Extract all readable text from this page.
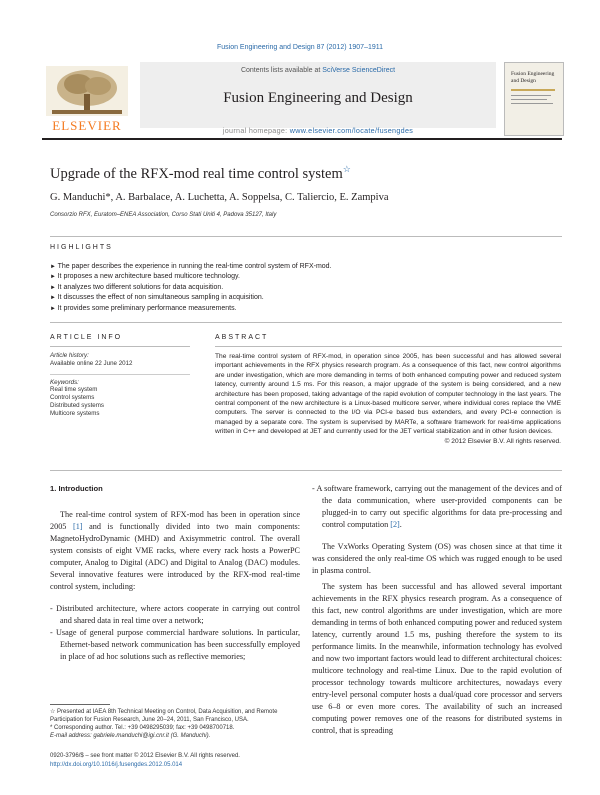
Fusion Engineering and Design 87 (2012) 1907–1911
ELSEVIER
Contents lists available at SciVerse ScienceDirect
Fusion Engineering and Design
journal homepage: www.elsevier.com/locate/fusengdes
Fusion Engineering
and Design
Upgrade of the RFX-mod real time control system☆
G. Manduchi*, A. Barbalace, A. Luchetta, A. Soppelsa, C. Taliercio, E. Zampiva
Consorzio RFX, Euratom–ENEA Association, Corso Stati Uniti 4, Padova 35127, Italy
HIGHLIGHTS
► The paper describes the experience in running the real-time control system of RFX-mod.
► It proposes a new architecture based multicore technology.
► It analyzes two different solutions for data acquisition.
► It discusses the effect of non simultaneous sampling in acquisition.
► It provides some preliminary performance measurements.
ARTICLE INFO
Article history:
Available online 22 June 2012
Keywords:
Real time system
Control systems
Distributed systems
Multicore systems
ABSTRACT
The real-time control system of RFX-mod, in operation since 2005, has been successful and has allowed several important achievements in the RFX physics research program. As a consequence of this fact, new control algorithms are under investigation, which are more demanding in terms of both enhanced computing power and reduced system latency, currently around 1.5 ms. For this reason, a major upgrade of the system is being considered, and a new architecture has been proposed, taking advantage of the rapid evolution of computer technology in the last years. The central component of the new architecture is a Linux-based multicore server, where individual cores replace the VME computers. The server is connected to the I/O via PCI-e based bus extenders, and every PCI-e connection is managed by a separate core. The system is supervised by MARTe, a software framework for real-time applications written in C++ and developed at JET and currently used for the JET vertical stabilization and in other fusion devices.
© 2012 Elsevier B.V. All rights reserved.
1. Introduction

The real-time control system of RFX-mod has been in operation since 2005 [1] and is functionally divided into two main components: MagnetoHydroDynamic (MHD) and Axisymmetric control. The overall system consists of eight VME racks, where every rack hosts a PowerPC computer, Analog to Digital (ADC) and Digital to Analog (DAC) modules. Several innovative features were introduced by the RFX-mod real-time control system, including:

- Distributed architecture, where actors cooperate in carrying out control and shared data in real time over a network;
- Usage of general purpose commercial hardware solutions. In particular, Ethernet-based network communication has been successfully employed in place of ad hoc solutions such as reflective memories;
- A software framework, carrying out the management of the devices and of the data communication, where user-provided components can be plugged-in to carry out specific algorithms for data pre-processing and control computation [2].

The VxWorks Operating System (OS) was chosen since at that time it was considered the only real-time OS which was rugged enough to be used in plasma control.

The system has been successful and has allowed several important achievements in the RFX physics research program. As a consequence of this fact, new control algorithms are under investigation, which are more demanding in terms of both enhanced computing power and reduced system latency, currently around 1.5 ms, pushing therefore the system to its performance limits. In the meanwhile, information technology has evolved and now two important factors would lead to different architectural choices: multicore technology and real-time Linux. Due to the rapid evolution of processor technology towards multicore architectures, nowadays every entry-level personal computer hosts a dual/quad core processor and servers use 6–8 or even more cores. The availability of such an increased computing power removes one of the reasons for distributed systems in control, that is spreading

☆ Presented at IAEA 8th Technical Meeting on Control, Data Acquisition, and Remote Participation for Fusion Research, June 20–24, 2011, San Francisco, USA.
* Corresponding author. Tel.: +39 0498295039; fax: +39 0498700718.
E-mail address: gabriele.manduchi@igi.cnr.it (G. Manduchi).
0920-3796/$ – see front matter © 2012 Elsevier B.V. All rights reserved.
http://dx.doi.org/10.1016/j.fusengdes.2012.05.014
